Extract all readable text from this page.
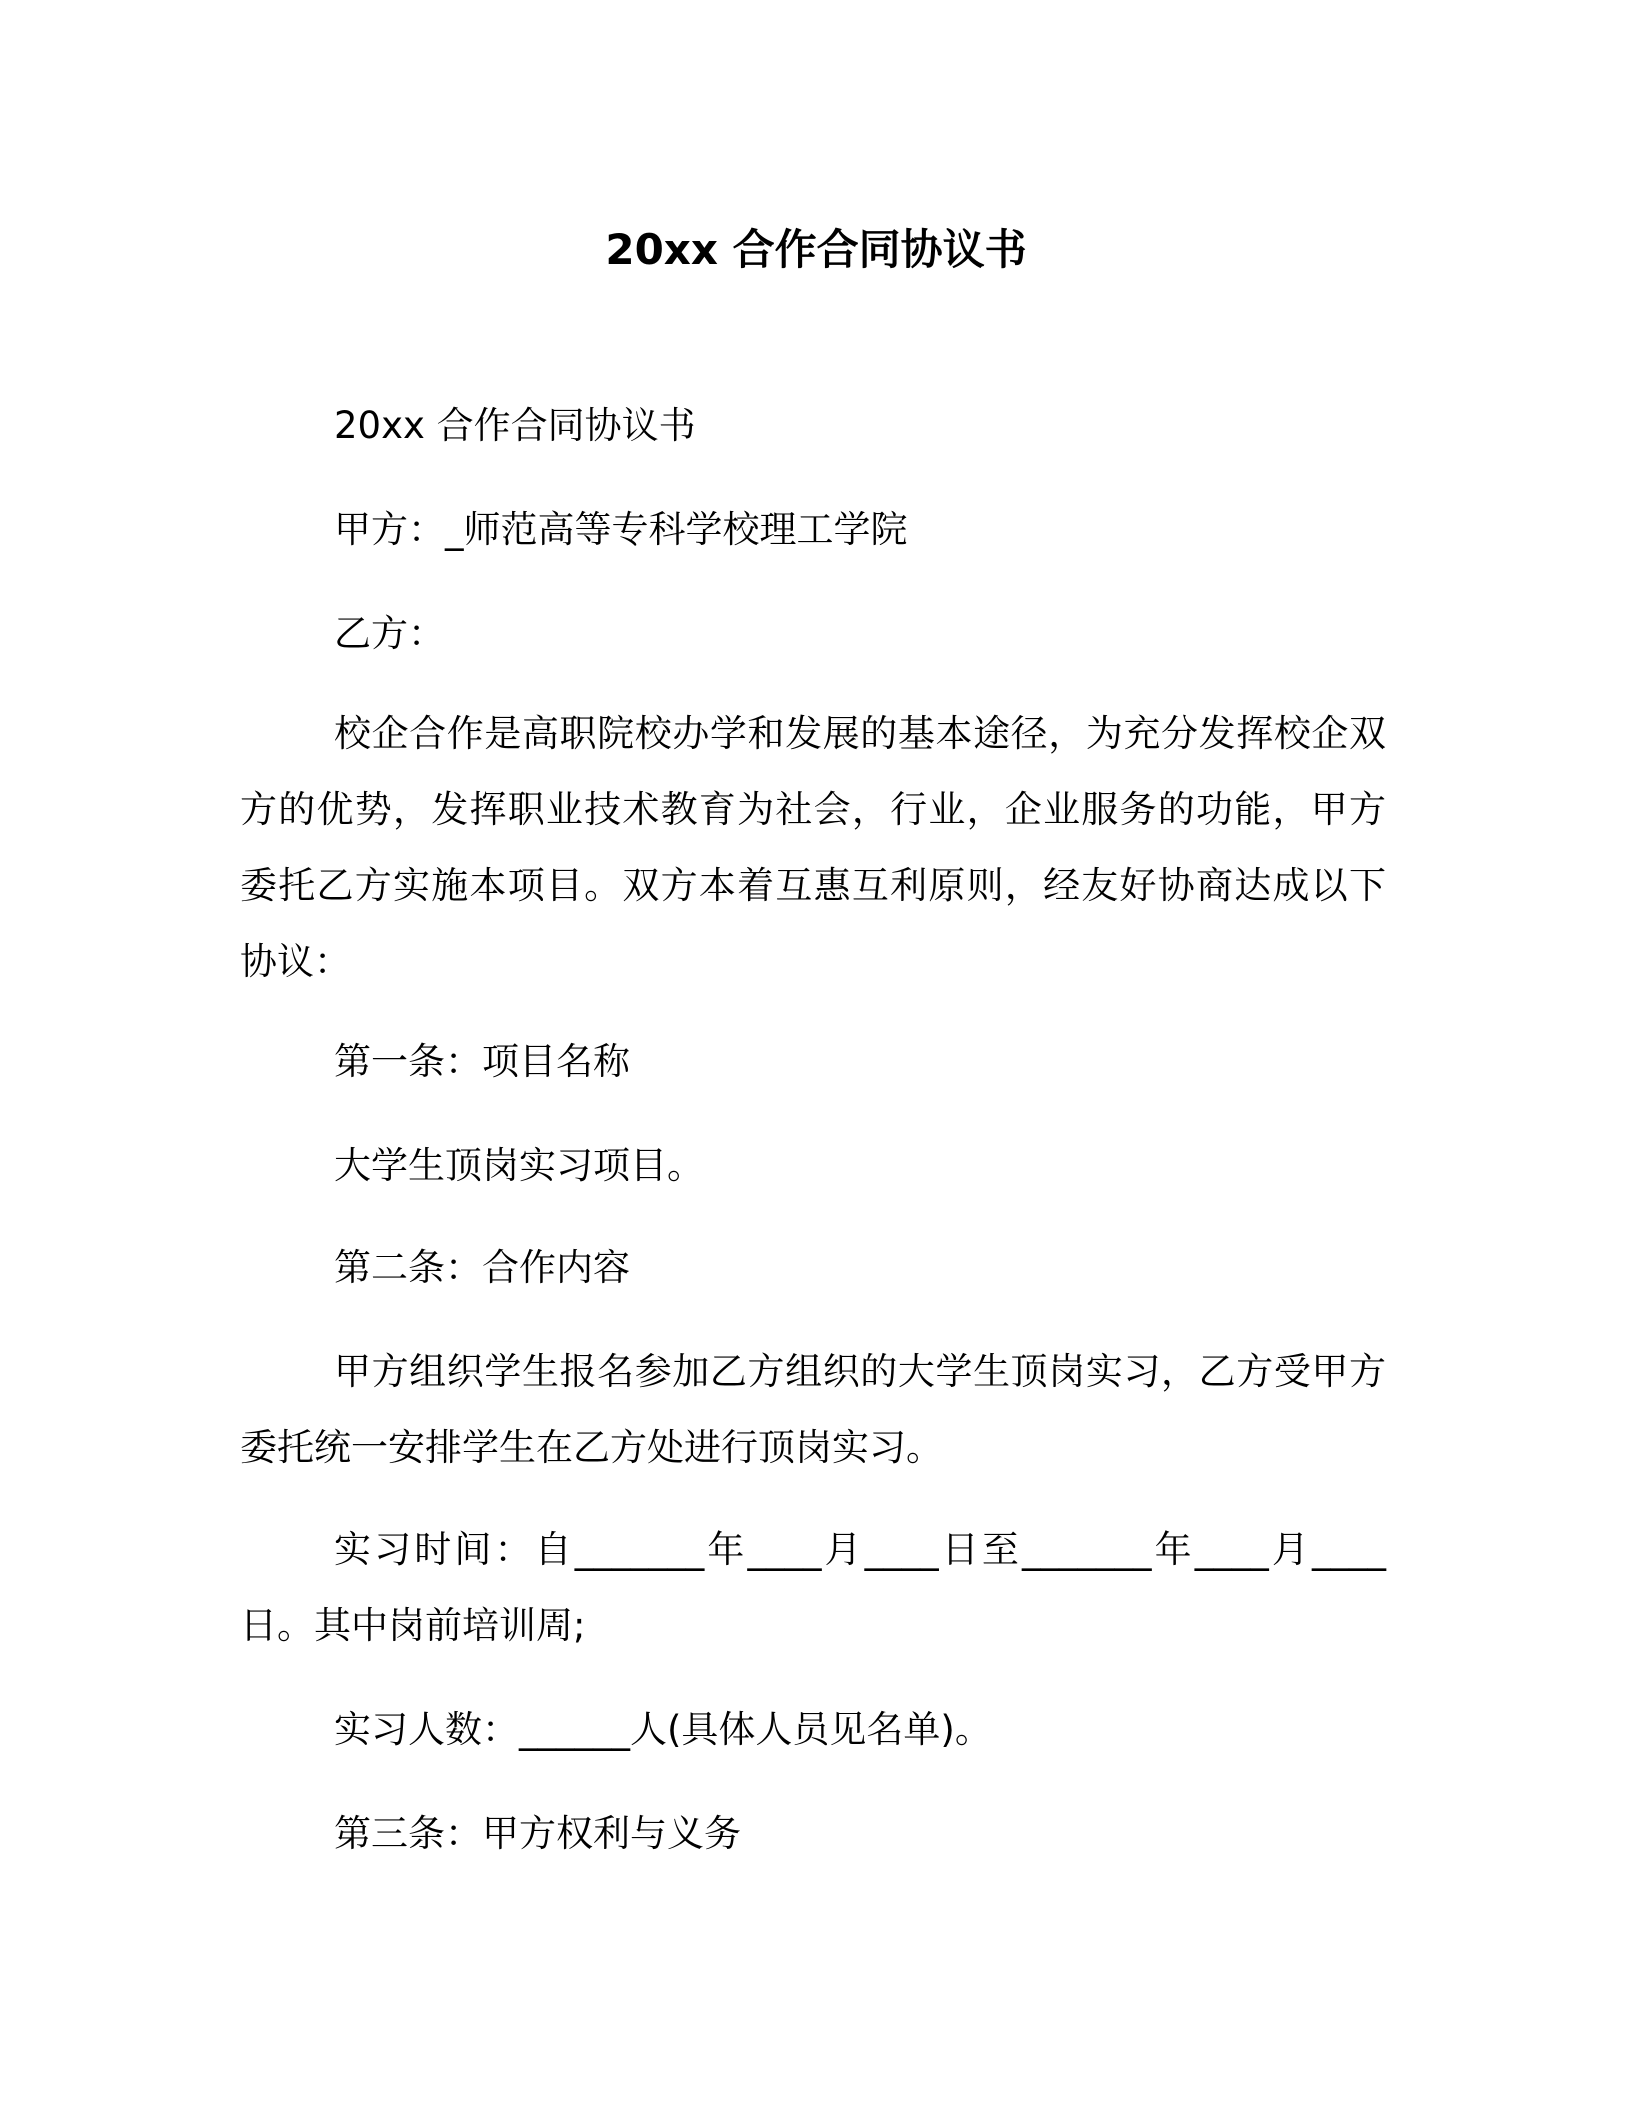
20xx 合作合同协议书

20xx 合作合同协议书

甲方：_师范高等专科学校理工学院

乙方：

校企合作是高职院校办学和发展的基本途径，为充分发挥校企双方的优势，发挥职业技术教育为社会，行业，企业服务的功能，甲方委托乙方实施本项目。双方本着互惠互利原则，经友好协商达成以下协议：

第一条：项目名称

大学生顶岗实习项目。

第二条：合作内容

甲方组织学生报名参加乙方组织的大学生顶岗实习，乙方受甲方委托统一安排学生在乙方处进行顶岗实习。

实习时间：自_______年____月____日至_______年____月____日。其中岗前培训周;

实习人数：______人(具体人员见名单)。

第三条：甲方权利与义务
